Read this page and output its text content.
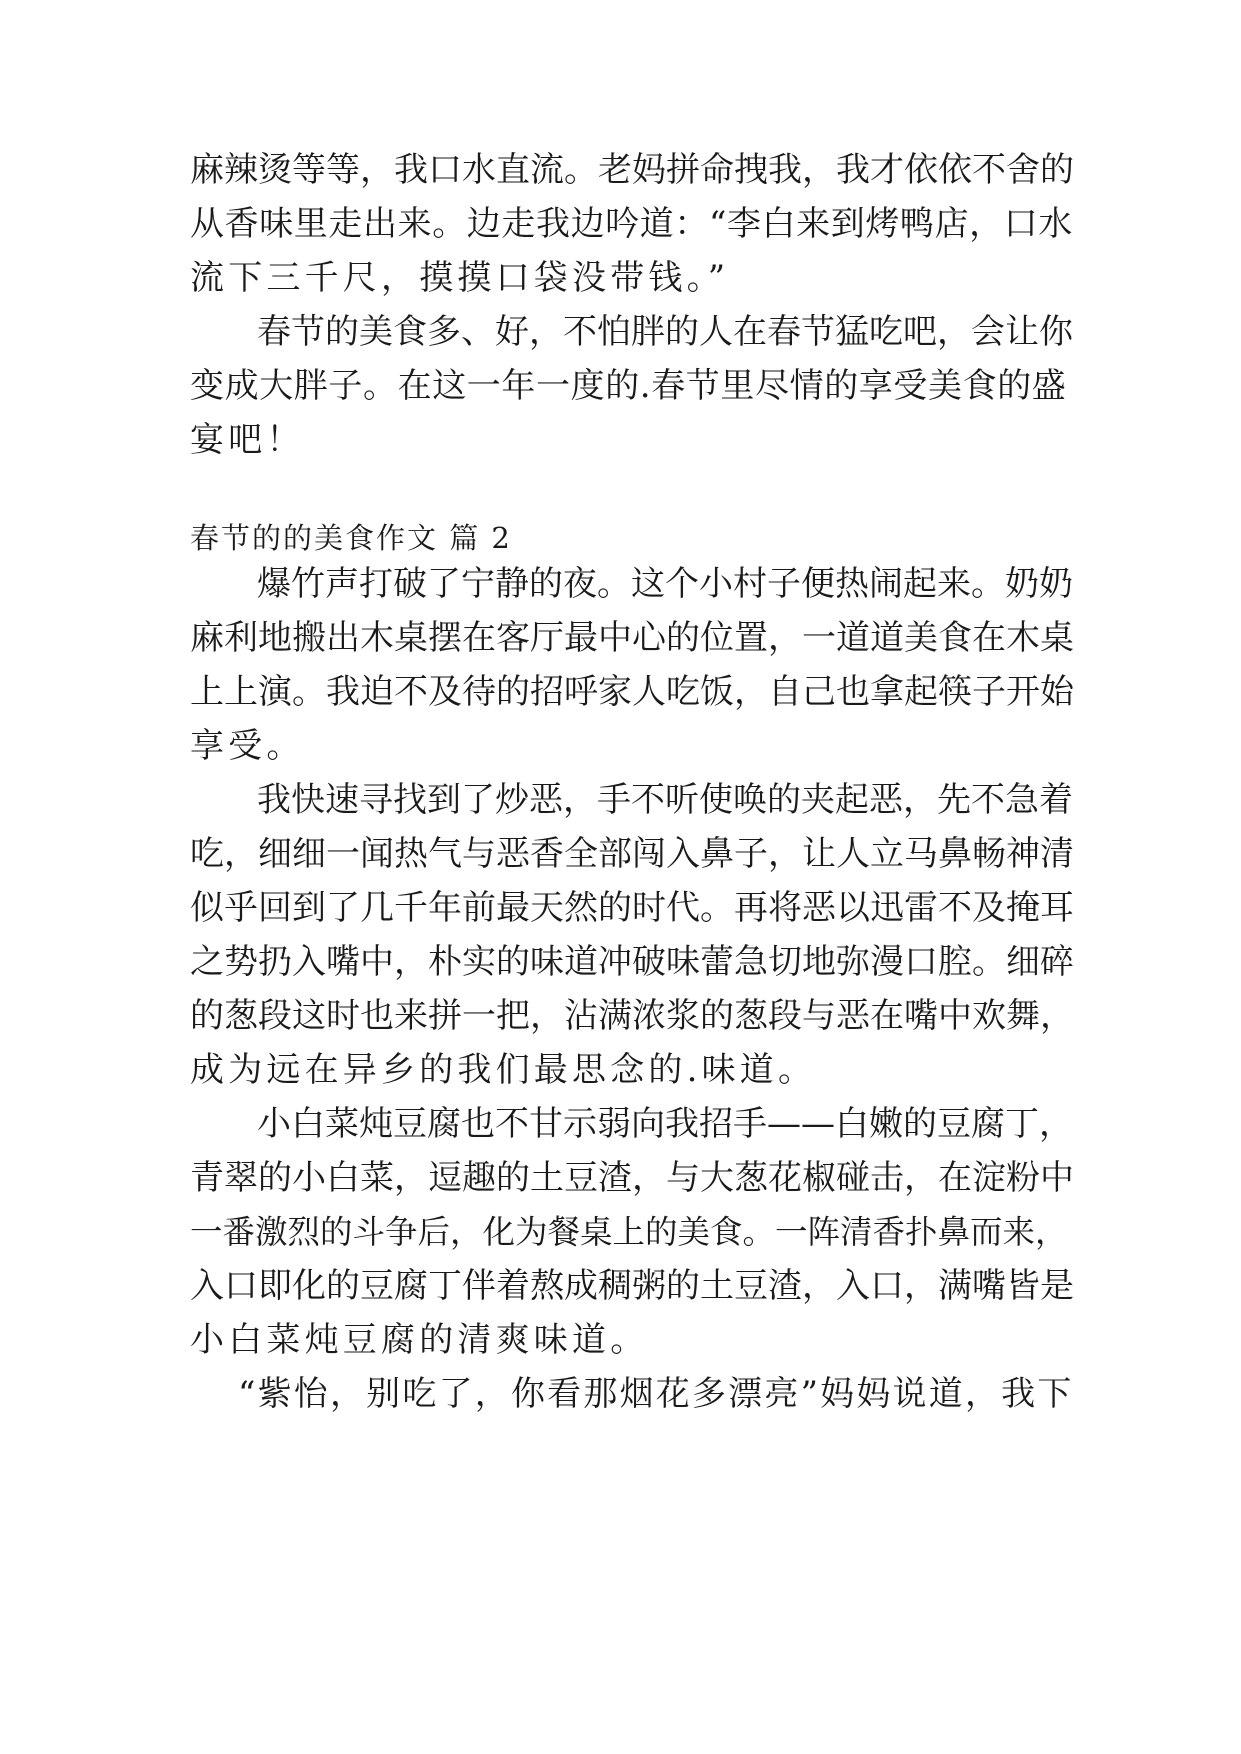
麻辣烫等等，我口水直流。老妈拼命拽我，我才依依不舍的
从香味里走出来。边走我边吟道：“李白来到烤鸭店，口水
流下三千尺，摸摸口袋没带钱。”
春节的美食多、好，不怕胖的人在春节猛吃吧，会让你
变成大胖子。在这一年一度的.春节里尽情的享受美食的盛
宴吧！
春节的的美食作文 篇 2
爆竹声打破了宁静的夜。这个小村子便热闹起来。奶奶
麻利地搬出木桌摆在客厅最中心的位置，一道道美食在木桌
上上演。我迫不及待的招呼家人吃饭，自己也拿起筷子开始
享受。
我快速寻找到了炒恶，手不听使唤的夹起恶，先不急着
吃，细细一闻热气与恶香全部闯入鼻子，让人立马鼻畅神清
似乎回到了几千年前最天然的时代。再将恶以迅雷不及掩耳
之势扔入嘴中，朴实的味道冲破味蕾急切地弥漫口腔。细碎
的葱段这时也来拼一把，沾满浓浆的葱段与恶在嘴中欢舞，
成为远在异乡的我们最思念的.味道。
小白菜炖豆腐也不甘示弱向我招手——白嫩的豆腐丁，
青翠的小白菜，逗趣的土豆渣，与大葱花椒碰击，在淀粉中
一番激烈的斗争后，化为餐桌上的美食。一阵清香扑鼻而来，
入口即化的豆腐丁伴着熬成稠粥的土豆渣，入口，满嘴皆是
小白菜炖豆腐的清爽味道。
“紫怡，别吃了，你看那烟花多漂亮”妈妈说道，我下
